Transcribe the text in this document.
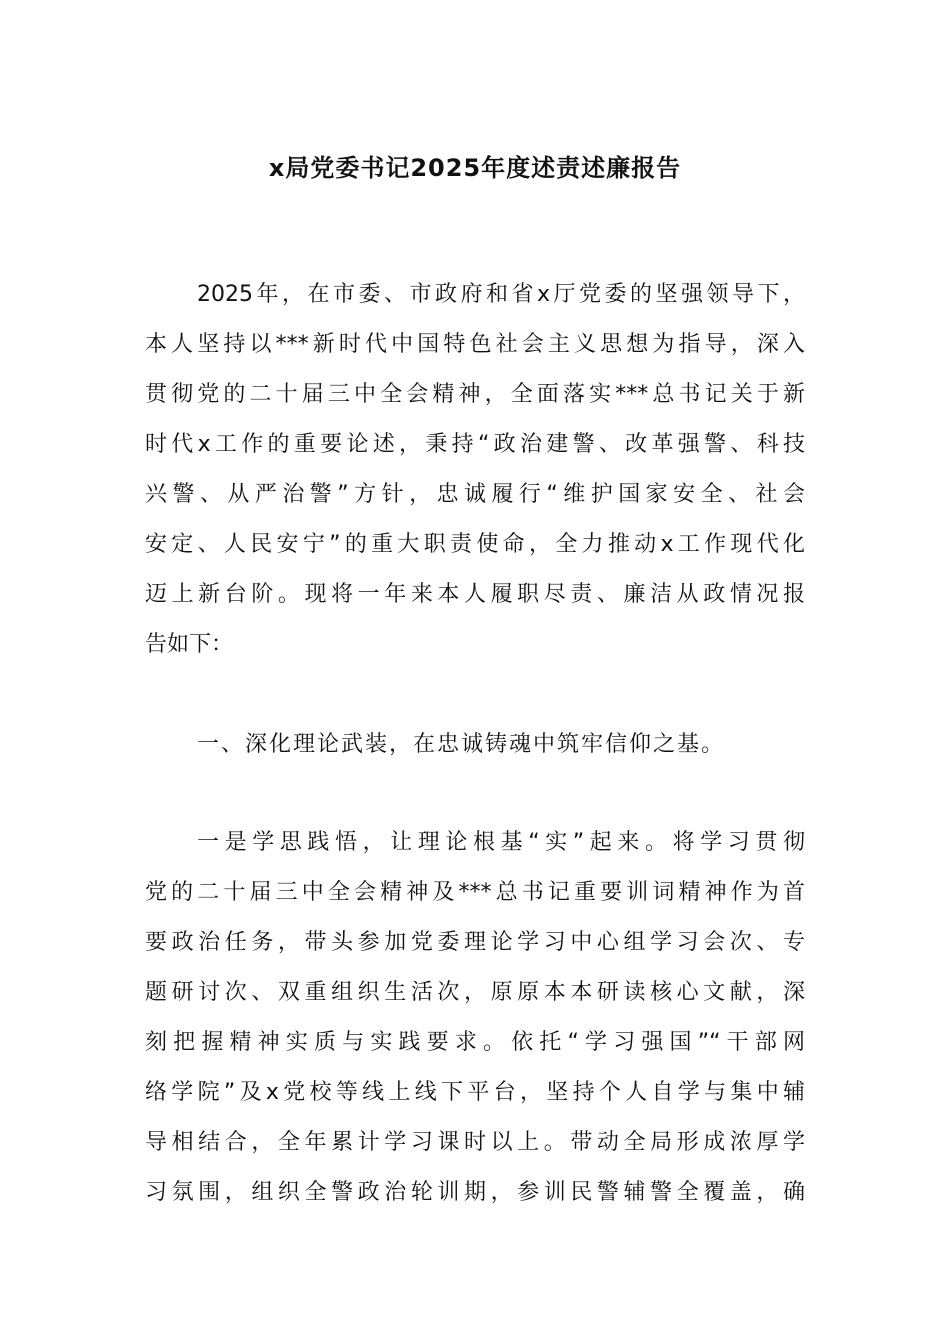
x局党委书记2025年度述责述廉报告
2025年，在市委、市政府和省x厅党委的坚强领导下，
本人坚持以***新时代中国特色社会主义思想为指导，深入
贯彻党的二十届三中全会精神，全面落实***总书记关于新
时代x工作的重要论述，秉持“政治建警、改革强警、科技
兴警、从严治警”方针，忠诚履行“维护国家安全、社会
安定、人民安宁”的重大职责使命，全力推动x工作现代化
迈上新台阶。现将一年来本人履职尽责、廉洁从政情况报
告如下：
一、深化理论武装，在忠诚铸魂中筑牢信仰之基。
一是学思践悟，让理论根基“实”起来。将学习贯彻
党的二十届三中全会精神及***总书记重要训词精神作为首
要政治任务，带头参加党委理论学习中心组学习会次、专
题研讨次、双重组织生活次，原原本本研读核心文献，深
刻把握精神实质与实践要求。依托“学习强国”“干部网
络学院”及x党校等线上线下平台，坚持个人自学与集中辅
导相结合，全年累计学习课时以上。带动全局形成浓厚学
习氛围，组织全警政治轮训期，参训民警辅警全覆盖，确
